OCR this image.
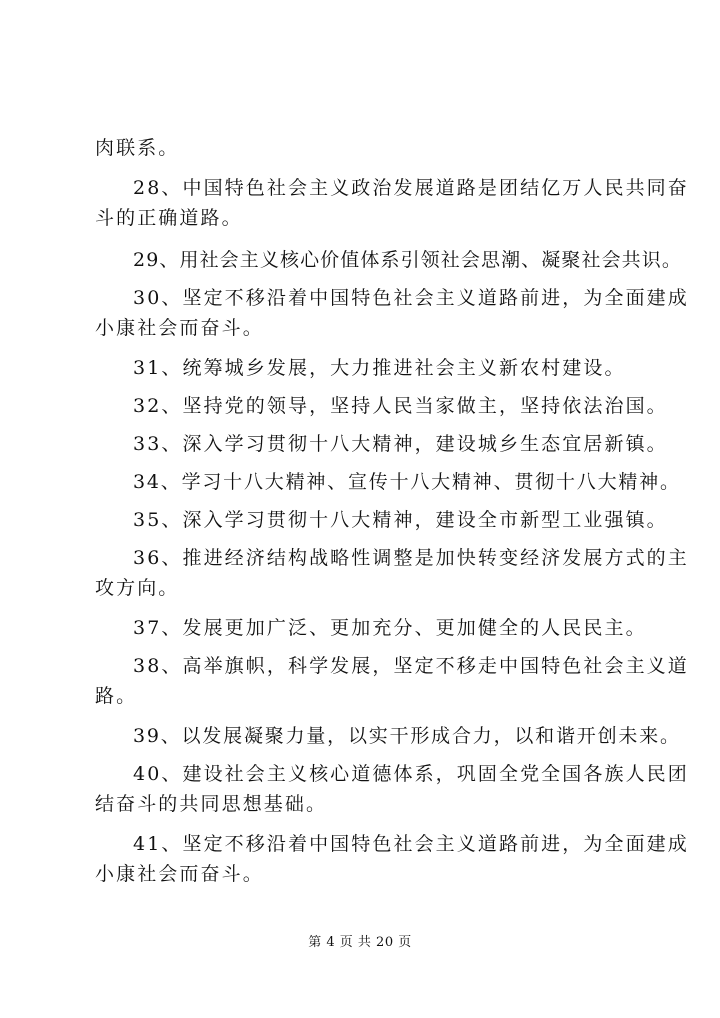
肉联系。
28、中国特色社会主义政治发展道路是团结亿万人民共同奋
斗的正确道路。
29、用社会主义核心价值体系引领社会思潮、凝聚社会共识。
30、坚定不移沿着中国特色社会主义道路前进，为全面建成
小康社会而奋斗。
31、统筹城乡发展，大力推进社会主义新农村建设。
32、坚持党的领导，坚持人民当家做主，坚持依法治国。
33、深入学习贯彻十八大精神，建设城乡生态宜居新镇。
34、学习十八大精神、宣传十八大精神、贯彻十八大精神。
35、深入学习贯彻十八大精神，建设全市新型工业强镇。
36、推进经济结构战略性调整是加快转变经济发展方式的主
攻方向。
37、发展更加广泛、更加充分、更加健全的人民民主。
38、高举旗帜，科学发展，坚定不移走中国特色社会主义道
路。
39、以发展凝聚力量，以实干形成合力，以和谐开创未来。
40、建设社会主义核心道德体系，巩固全党全国各族人民团
结奋斗的共同思想基础。
41、坚定不移沿着中国特色社会主义道路前进，为全面建成
小康社会而奋斗。
第 4 页 共 20 页
